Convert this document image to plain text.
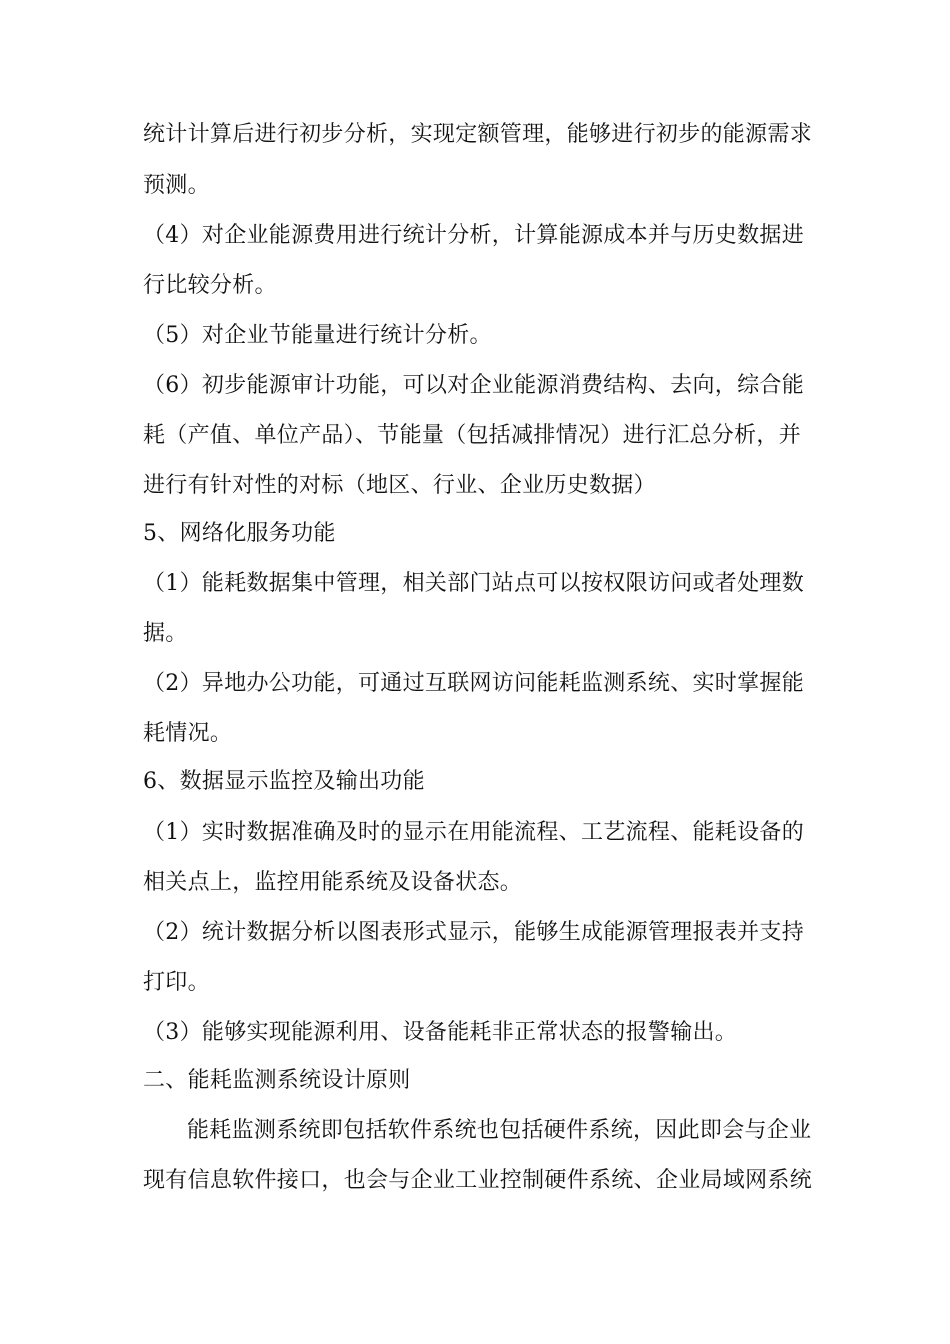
统计计算后进行初步分析，实现定额管理，能够进行初步的能源需求
预测。
（4）对企业能源费用进行统计分析，计算能源成本并与历史数据进
行比较分析。
（5）对企业节能量进行统计分析。
（6）初步能源审计功能，可以对企业能源消费结构、去向，综合能
耗（产值、单位产品）、节能量（包括减排情况）进行汇总分析，并
进行有针对性的对标（地区、行业、企业历史数据）
5、网络化服务功能
（1）能耗数据集中管理，相关部门站点可以按权限访问或者处理数
据。
（2）异地办公功能，可通过互联网访问能耗监测系统、实时掌握能
耗情况。
6、数据显示监控及输出功能
（1）实时数据准确及时的显示在用能流程、工艺流程、能耗设备的
相关点上，监控用能系统及设备状态。
（2）统计数据分析以图表形式显示，能够生成能源管理报表并支持
打印。
（3）能够实现能源利用、设备能耗非正常状态的报警输出。
二、能耗监测系统设计原则
能耗监测系统即包括软件系统也包括硬件系统，因此即会与企业
现有信息软件接口，也会与企业工业控制硬件系统、企业局域网系统
